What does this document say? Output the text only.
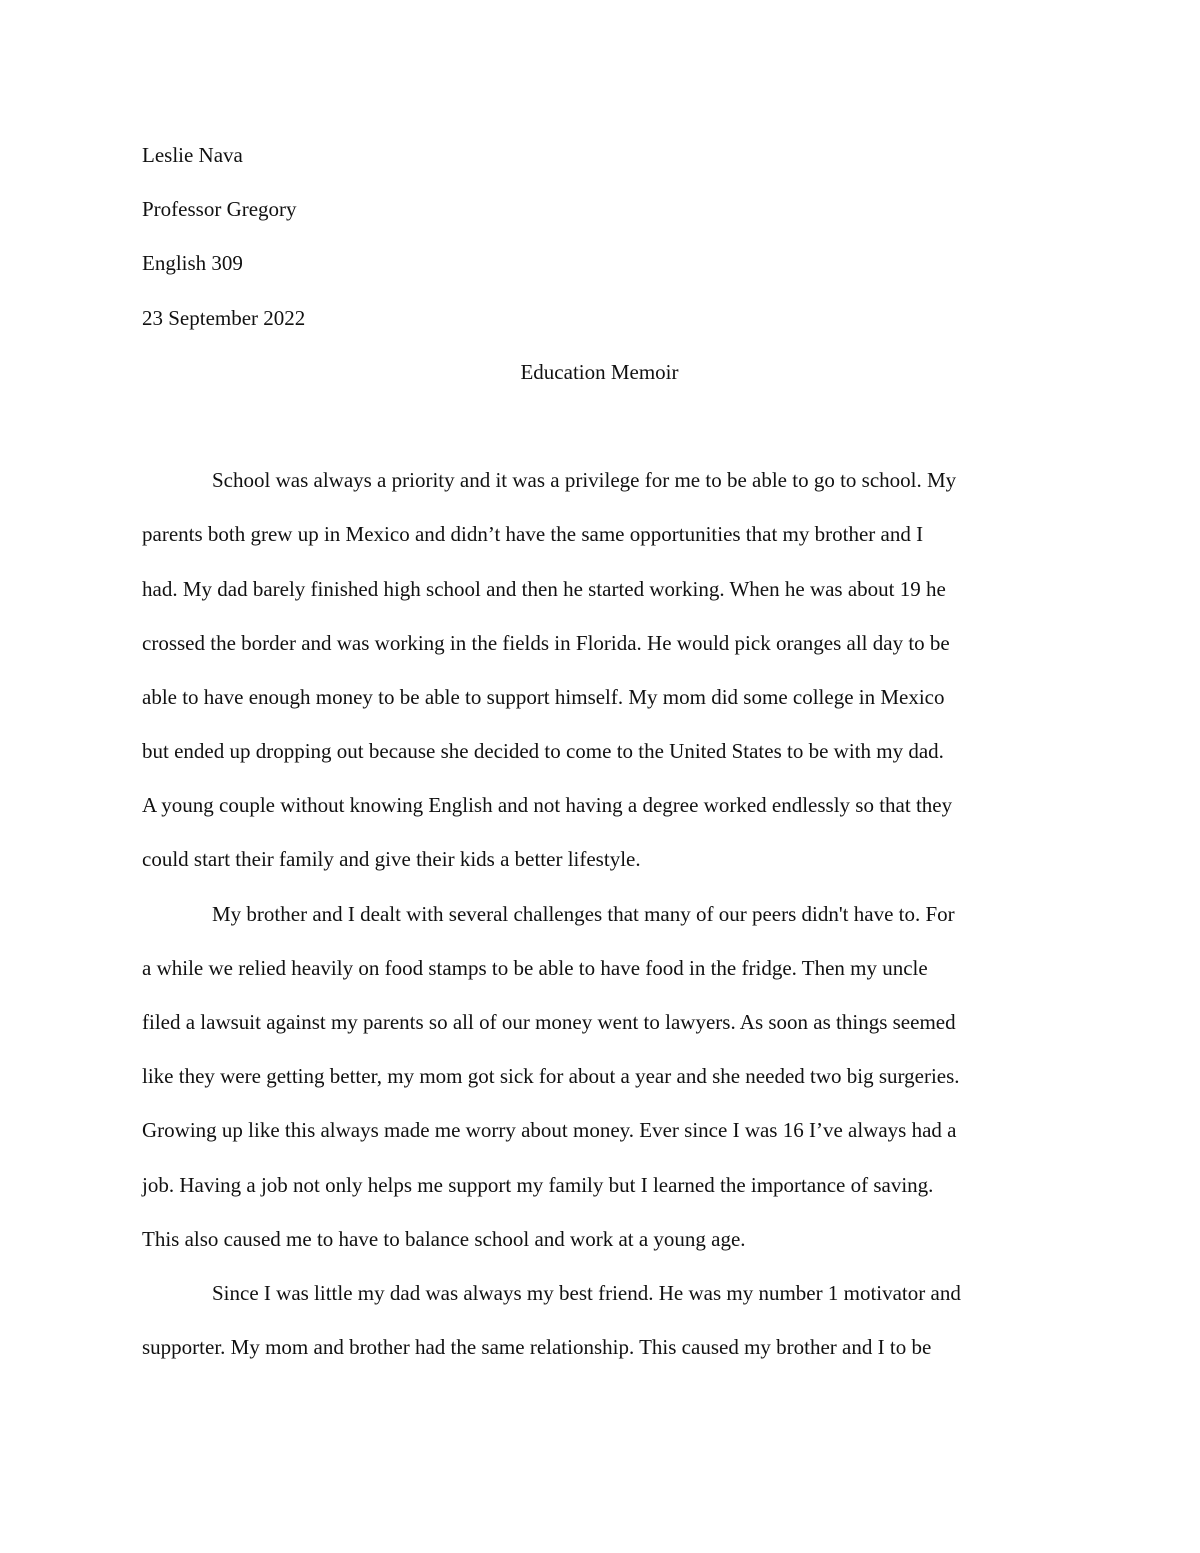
Leslie Nava
Professor Gregory
English 309
23 September 2022
Education Memoir
School was always a priority and it was a privilege for me to be able to go to school. My
parents both grew up in Mexico and didn’t have the same opportunities that my brother and I
had. My dad barely finished high school and then he started working. When he was about 19 he
crossed the border and was working in the fields in Florida. He would pick oranges all day to be
able to have enough money to be able to support himself. My mom did some college in Mexico
but ended up dropping out because she decided to come to the United States to be with my dad.
A young couple without knowing English and not having a degree worked endlessly so that they
could start their family and give their kids a better lifestyle.
My brother and I dealt with several challenges that many of our peers didn't have to. For
a while we relied heavily on food stamps to be able to have food in the fridge. Then my uncle
filed a lawsuit against my parents so all of our money went to lawyers. As soon as things seemed
like they were getting better, my mom got sick for about a year and she needed two big surgeries.
Growing up like this always made me worry about money. Ever since I was 16 I’ve always had a
job. Having a job not only helps me support my family but I learned the importance of saving.
This also caused me to have to balance school and work at a young age.
Since I was little my dad was always my best friend. He was my number 1 motivator and
supporter. My mom and brother had the same relationship. This caused my brother and I to be
